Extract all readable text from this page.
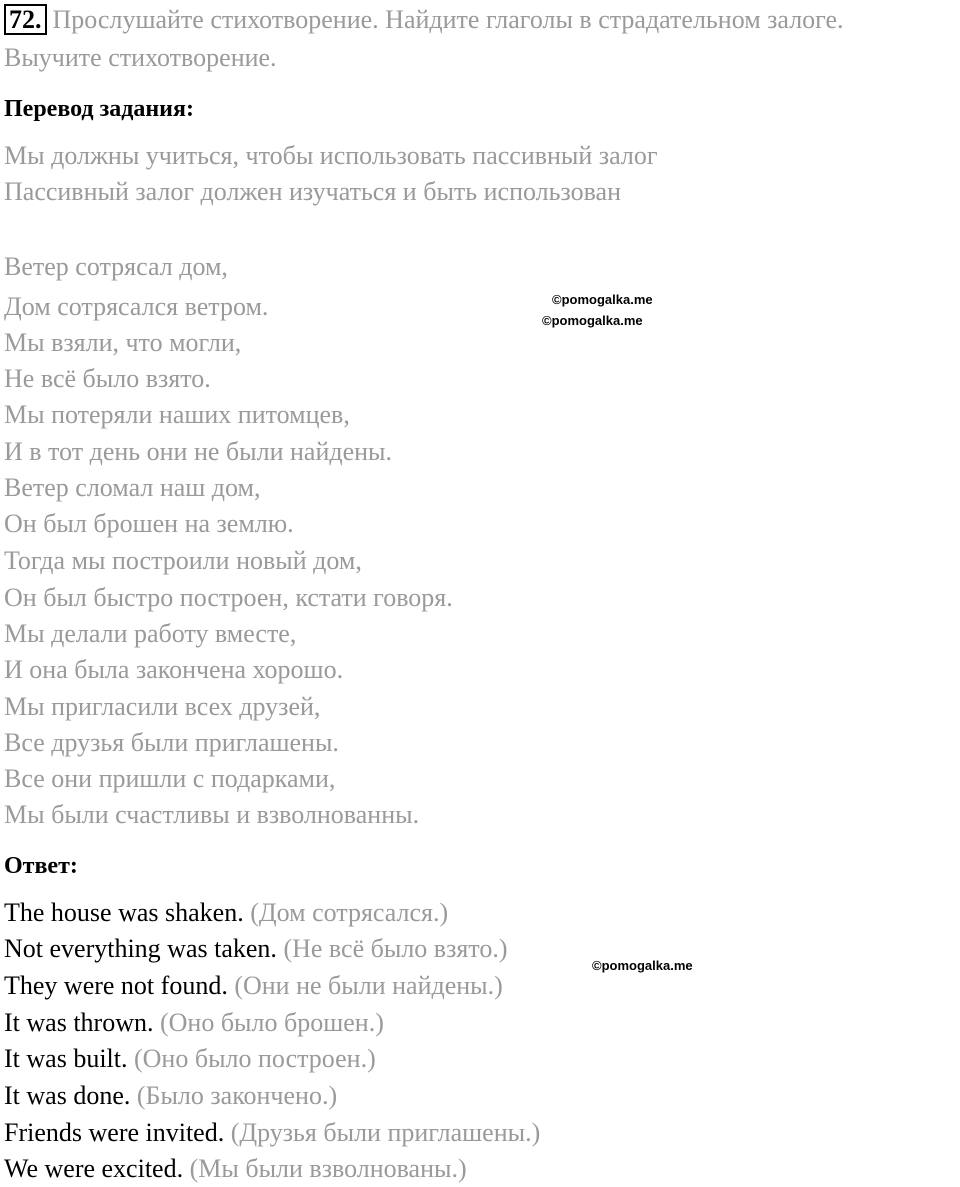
72. Прослушайте стихотворение. Найдите глаголы в страдательном залоге.

Выучите стихотворение.

Перевод задания:

Мы должны учиться, чтобы использовать пассивный залог

Пассивный залог должен изучаться и быть использован

Ветер сотрясал дом,

Дом сотрясался ветром.

Мы взяли, что могли,

Не всё было взято.

Мы потеряли наших питомцев,

И в тот день они не были найдены.

Ветер сломал наш дом,

Он был брошен на землю.

Тогда мы построили новый дом,

Он был быстро построен, кстати говоря.

Мы делали работу вместе,

И она была закончена хорошо.

Мы пригласили всех друзей,

Все друзья были приглашены.

Все они пришли с подарками,

Мы были счастливы и взволнованны.

Ответ:

The house was shaken. (Дом сотрясался.)

Not everything was taken. (Не всё было взято.)

They were not found. (Они не были найдены.)

It was thrown. (Оно было брошен.)

It was built. (Оно было построен.)

It was done. (Было закончено.)

Friends were invited. (Друзья были приглашены.)

We were excited. (Мы были взволнованы.)

©pomogalka.me
©pomogalka.me
©pomogalka.me
